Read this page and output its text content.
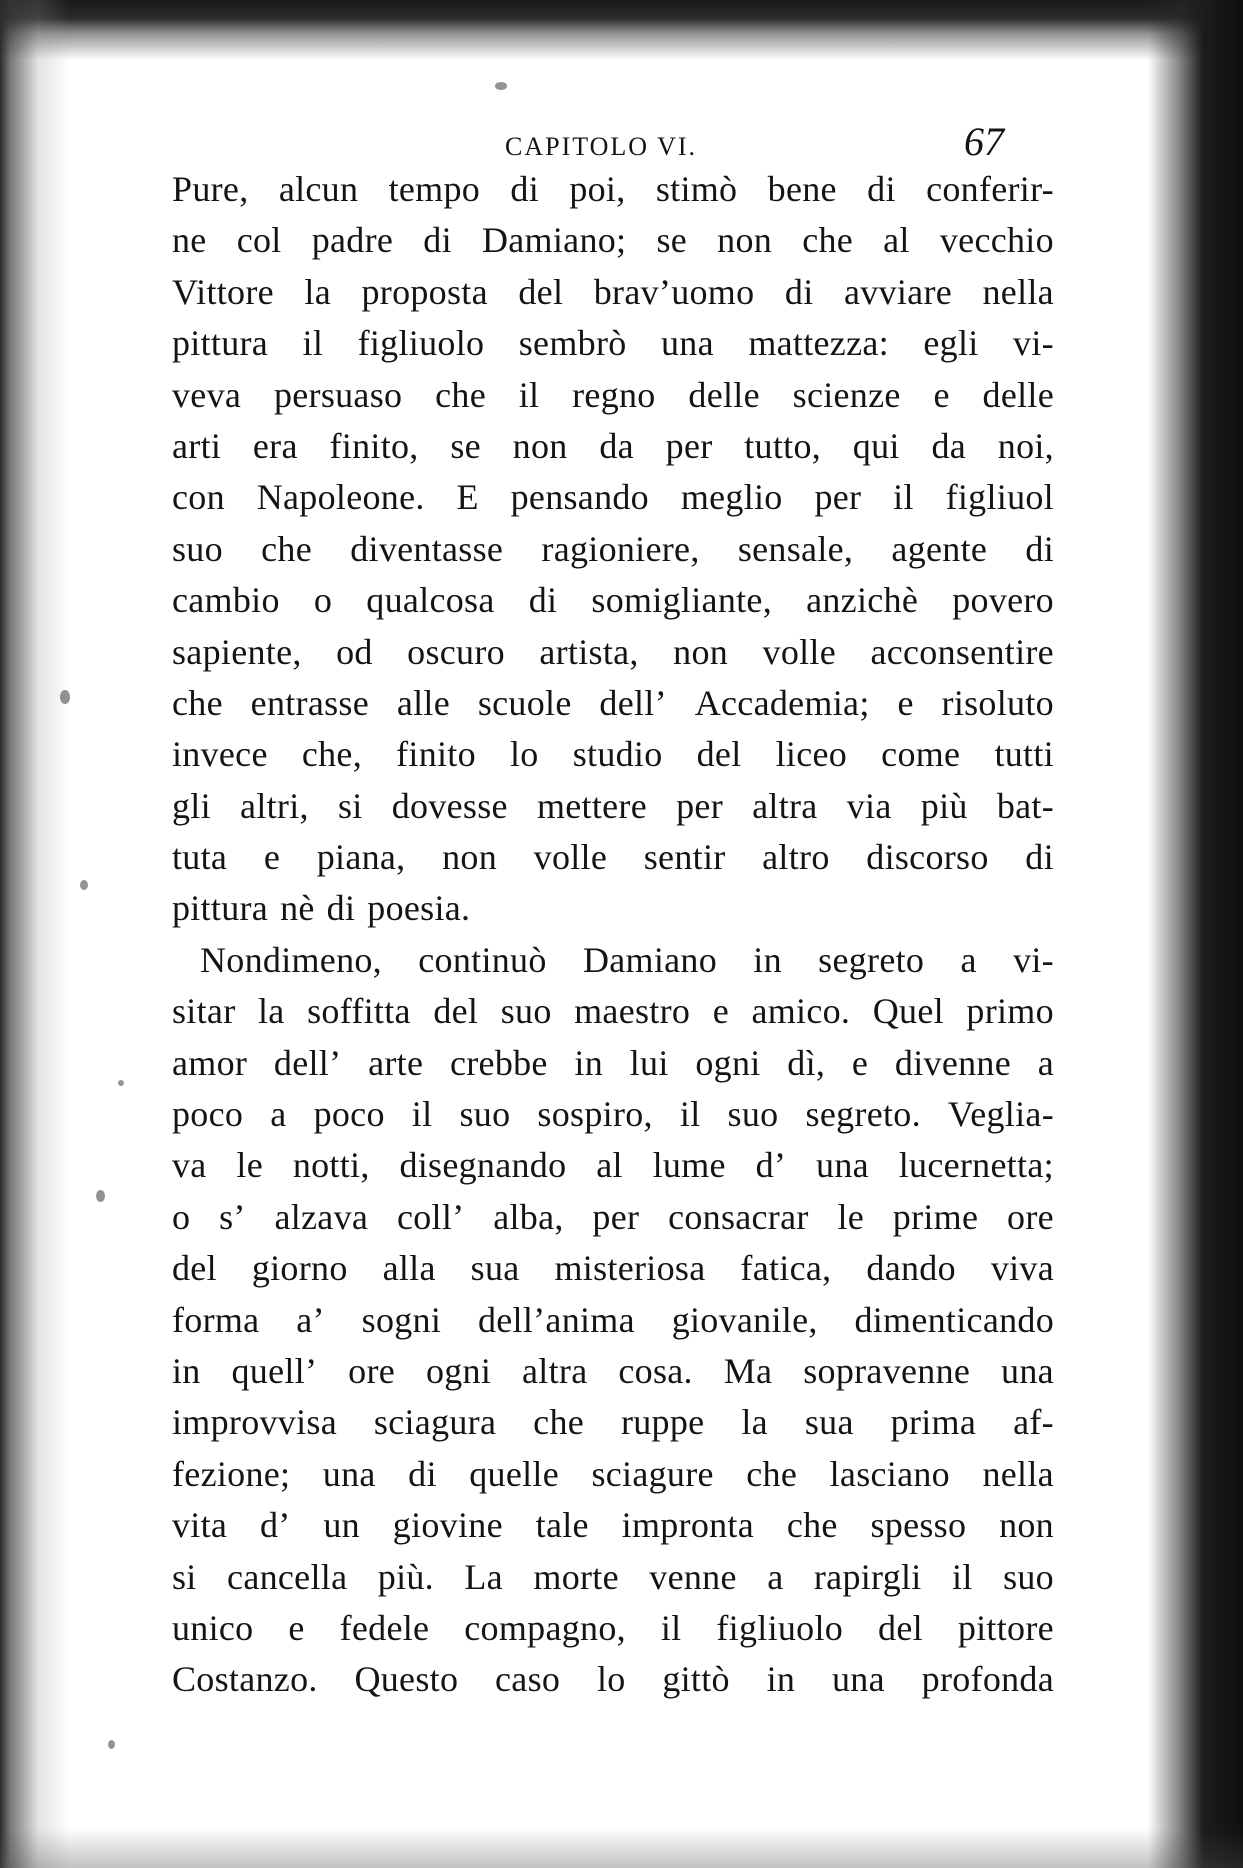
CAPITOLO VI.	67
Pure, alcun tempo di poi, stimò bene di conferir-
ne col padre di Damiano; se non che al vecchio
Vittore la proposta del brav’uomo di avviare nella
pittura il figliuolo sembrò una mattezza: egli vi-
veva persuaso che il regno delle scienze e delle
arti era finito, se non da per tutto, qui da noi,
con Napoleone. E pensando meglio per il figliuol
suo che diventasse ragioniere, sensale, agente di
cambio o qualcosa di somigliante, anzichè povero
sapiente, od oscuro artista, non volle acconsentire
che entrasse alle scuole dell’ Accademia; e risoluto
invece che, finito lo studio del liceo come tutti
gli altri, si dovesse mettere per altra via più bat-
tuta e piana, non volle sentir altro discorso di
pittura nè di poesia.
Nondimeno, continuò Damiano in segreto a vi-
sitar la soffitta del suo maestro e amico. Quel primo
amor dell’ arte crebbe in lui ogni dì, e divenne a
poco a poco il suo sospiro, il suo segreto. Veglia-
va le notti, disegnando al lume d’ una lucernetta;
o s’ alzava coll’ alba, per consacrar le prime ore
del giorno alla sua misteriosa fatica, dando viva
forma a’ sogni dell’anima giovanile, dimenticando
in quell’ ore ogni altra cosa. Ma sopravenne una
improvvisa sciagura che ruppe la sua prima af-
fezione; una di quelle sciagure che lasciano nella
vita d’ un giovine tale impronta che spesso non
si cancella più. La morte venne a rapirgli il suo
unico e fedele compagno, il figliuolo del pittore
Costanzo. Questo caso lo gittò in una profonda
